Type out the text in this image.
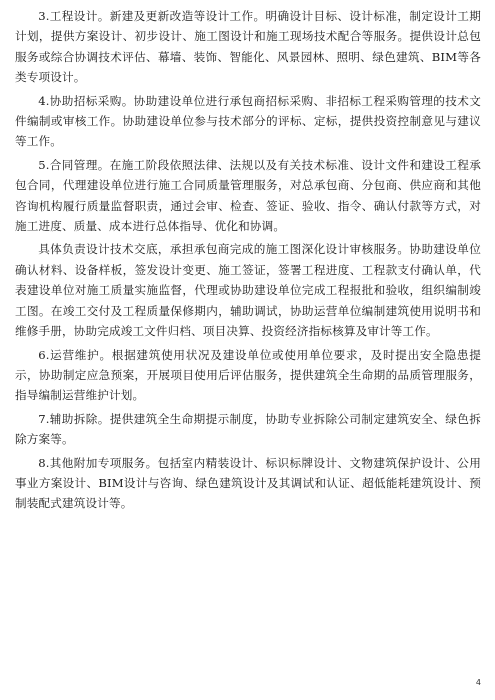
3.工程设计。新建及更新改造等设计工作。明确设计目标、设计标准，制定设计工期计划，提供方案设计、初步设计、施工图设计和施工现场技术配合等服务。提供设计总包服务或综合协调技术评估、幕墙、装饰、智能化、风景园林、照明、绿色建筑、BIM等各类专项设计。

4.协助招标采购。协助建设单位进行承包商招标采购、非招标工程采购管理的技术文件编制或审核工作。协助建设单位参与技术部分的评标、定标，提供投资控制意见与建议等工作。

5.合同管理。在施工阶段依照法律、法规以及有关技术标准、设计文件和建设工程承包合同，代理建设单位进行施工合同质量管理服务，对总承包商、分包商、供应商和其他咨询机构履行质量监督职责，通过会审、检查、签证、验收、指令、确认付款等方式，对施工进度、质量、成本进行总体指导、优化和协调。

具体负责设计技术交底，承担承包商完成的施工图深化设计审核服务。协助建设单位确认材料、设备样板，签发设计变更、施工签证，签署工程进度、工程款支付确认单，代表建设单位对施工质量实施监督，代理或协助建设单位完成工程报批和验收，组织编制竣工图。在竣工交付及工程质量保修期内，辅助调试，协助运营单位编制建筑使用说明书和维修手册，协助完成竣工文件归档、项目决算、投资经济指标核算及审计等工作。

6.运营维护。根据建筑使用状况及建设单位或使用单位要求，及时提出安全隐患提示，协助制定应急预案，开展项目使用后评估服务，提供建筑全生命期的品质管理服务，指导编制运营维护计划。

7.辅助拆除。提供建筑全生命期提示制度，协助专业拆除公司制定建筑安全、绿色拆除方案等。

8.其他附加专项服务。包括室内精装设计、标识标牌设计、文物建筑保护设计、公用事业方案设计、BIM设计与咨询、绿色建筑设计及其调试和认证、超低能耗建筑设计、预制装配式建筑设计等。

4
